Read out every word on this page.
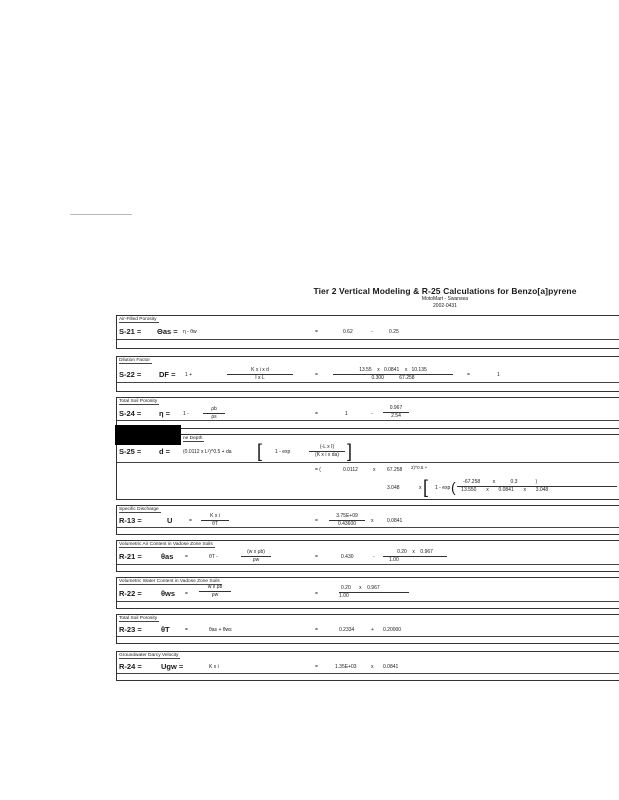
Tier 2 Vertical Modeling & R-25 Calculations for Benzo[a]pyrene
MotoMart - Swansea
2002-0431
Air-Filled Porosity
S-21 = Θas = η - θw	=	0.62	-	0.25
Dilution Factor
S-22 = DF = 1 +	$\frac{\text{K x i x d}}{\text{I x L}}$	=	13.55 x 0.0841 x 10.135
0.300	67.258	=	1
Total Soil Porosity
S-24 = η =	1 -	$\frac{\rho b}{\rho s}$	=	1	- $\frac{0.967}{2.54}$
ne Depth
S-25 = d =	(0.0112 x L²)^0.5 + da [	1 - exp	$\frac{\text{(-L x I)}}{\text{(K x i x da)}}$ ]
= (	0.0112	x 67.258 2)^0.5 +
3.048	x [ 1 - exp (	-67.258	x	0.3	)
13.550 x 0.0841 x 3.048
Specific Discharge
R-13 =	U	= $\frac{\text{K x i}}{\theta T}$	= $\frac{3.75E+09}{0.43600}$ x	0.0841
Volumetric Air Content in Vadose Zone Soils
R-21 =	θas =	θT -	$\frac{\text{(w x ρb)}}{\rho w}$	=	0.430	- $\frac{0.20 x 0.967}{1.00}$
Volumetric Water Content in Vadose Zone Soils
R-22 =	$\theta ws = \frac{\text{w x ρb}}{\rho w}$	=	$\frac{0.20 x 0.967}{1.00}$
Total Soil Porosity
R-23 =	θT	=	θas + θws	=	0.2334	+ 0.20000
Groundwater Darcy Velocity
R-24 =	Ugw =	K x i	=	1.35E+03	x 0.0841
